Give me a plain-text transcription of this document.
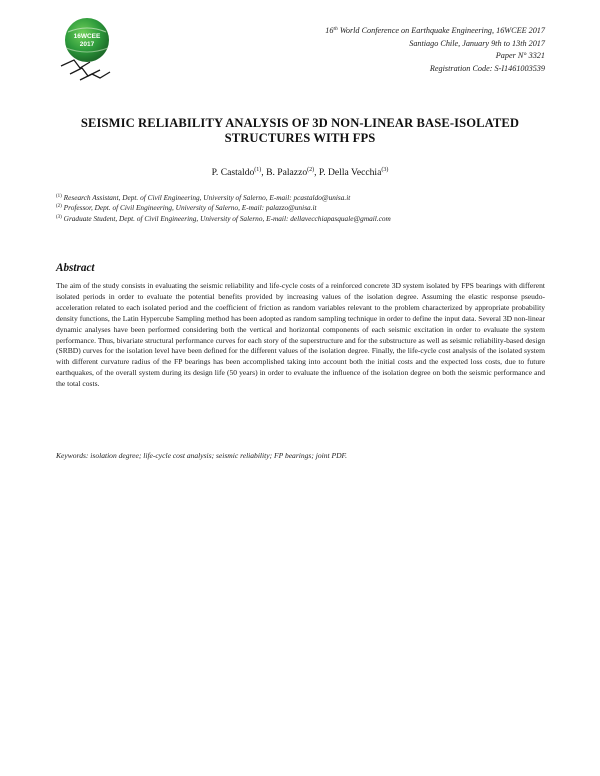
16WCEE
2017
16th World Conference on Earthquake Engineering, 16WCEE 2017
Santiago Chile, January 9th to 13th 2017
Paper N° 3321
Registration Code: S-I1461003539
SEISMIC RELIABILITY ANALYSIS OF 3D NON-LINEAR BASE-ISOLATED
STRUCTURES WITH FPS
P. Castaldo$^{(1)}$, B. Palazzo$^{(2)}$, P. Della Vecchia$^{(3)}$
$^{(1)}$ Research Assistant, Dept. of Civil Engineering, University of Salerno, E-mail: pcastaldo@unisa.it
$^{(2)}$ Professor, Dept. of Civil Engineering, University of Salerno, E-mail: palazzo@unisa.it
$^{(3)}$ Graduate Student, Dept. of Civil Engineering, University of Salerno, E-mail: dellavecchiapasquale@gmail.com
Abstract
The aim of the study consists in evaluating the seismic reliability and life-cycle costs of a reinforced concrete 3D system isolated by FPS bearings with different isolated periods in order to evaluate the potential benefits provided by increasing values of the isolation degree. Assuming the elastic response pseudo-acceleration related to each isolated period and the coefficient of friction as random variables relevant to the problem characterized by appropriate probability density functions, the Latin Hypercube Sampling method has been adopted as random sampling technique in order to define the input data. Several 3D non-linear dynamic analyses have been performed considering both the vertical and horizontal components of each seismic excitation in order to evaluate the system performance. Thus, bivariate structural performance curves for each story of the superstructure and for the substructure as well as seismic reliability-based design (SRBD) curves for the isolation level have been defined for the different values of the isolation degree. Finally, the life-cycle cost analysis of the isolated system with different curvature radius of the FP bearings has been accomplished taking into account both the initial costs and the expected loss costs, due to future earthquakes, of the overall system during its design life (50 years) in order to evaluate the influence of the isolation degree on both the seismic performance and the total costs.
Keywords: isolation degree; life-cycle cost analysis; seismic reliability; FP bearings; joint PDF.
